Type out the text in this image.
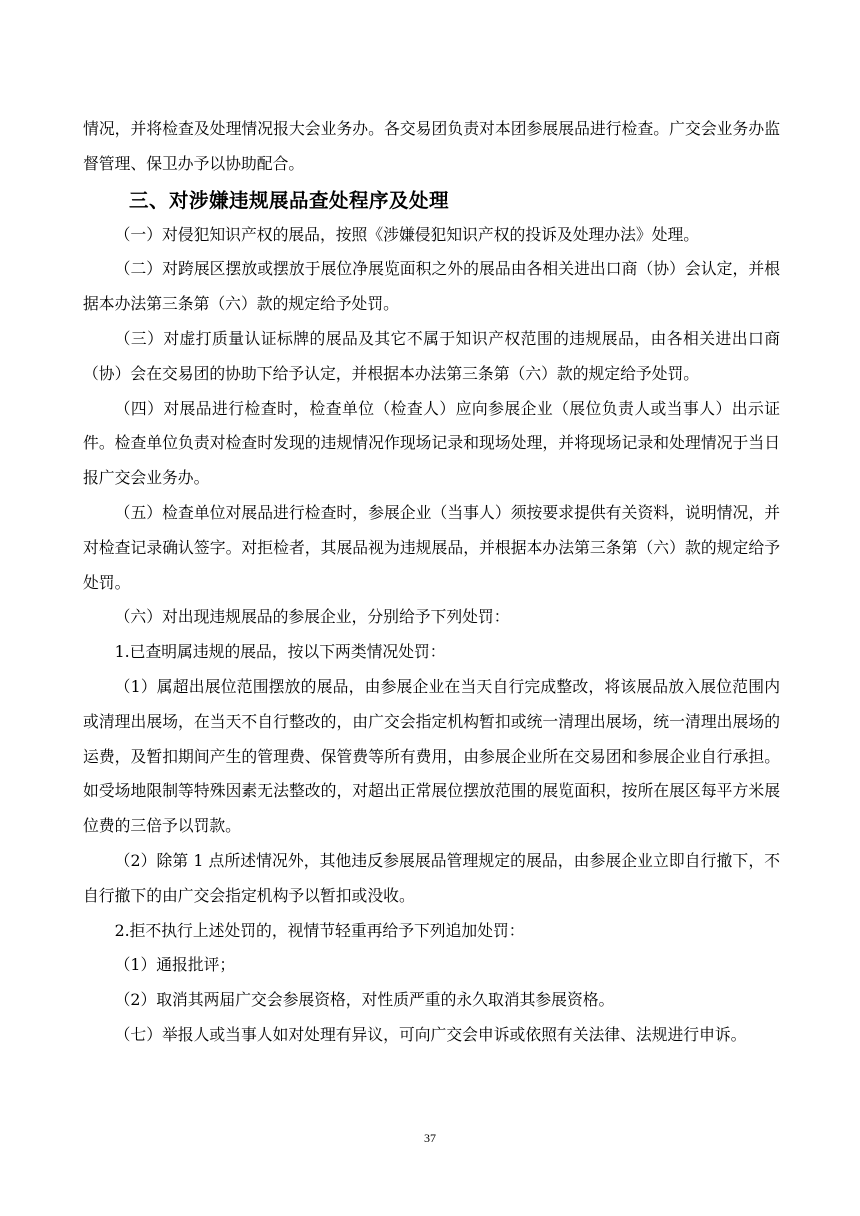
情况，并将检查及处理情况报大会业务办。各交易团负责对本团参展展品进行检查。广交会业务办监督管理、保卫办予以协助配合。

三、对涉嫌违规展品查处程序及处理

（一）对侵犯知识产权的展品，按照《涉嫌侵犯知识产权的投诉及处理办法》处理。

（二）对跨展区摆放或摆放于展位净展览面积之外的展品由各相关进出口商（协）会认定，并根据本办法第三条第（六）款的规定给予处罚。

（三）对虚打质量认证标牌的展品及其它不属于知识产权范围的违规展品，由各相关进出口商（协）会在交易团的协助下给予认定，并根据本办法第三条第（六）款的规定给予处罚。

（四）对展品进行检查时，检查单位（检查人）应向参展企业（展位负责人或当事人）出示证件。检查单位负责对检查时发现的违规情况作现场记录和现场处理，并将现场记录和处理情况于当日报广交会业务办。

（五）检查单位对展品进行检查时，参展企业（当事人）须按要求提供有关资料，说明情况，并对检查记录确认签字。对拒检者，其展品视为违规展品，并根据本办法第三条第（六）款的规定给予处罚。

（六）对出现违规展品的参展企业，分别给予下列处罚：

1.已查明属违规的展品，按以下两类情况处罚：

（1）属超出展位范围摆放的展品，由参展企业在当天自行完成整改，将该展品放入展位范围内或清理出展场，在当天不自行整改的，由广交会指定机构暂扣或统一清理出展场，统一清理出展场的运费，及暂扣期间产生的管理费、保管费等所有费用，由参展企业所在交易团和参展企业自行承担。如受场地限制等特殊因素无法整改的，对超出正常展位摆放范围的展览面积，按所在展区每平方米展位费的三倍予以罚款。

（2）除第 1 点所述情况外，其他违反参展展品管理规定的展品，由参展企业立即自行撤下，不自行撤下的由广交会指定机构予以暂扣或没收。

2.拒不执行上述处罚的，视情节轻重再给予下列追加处罚：

（1）通报批评；

（2）取消其两届广交会参展资格，对性质严重的永久取消其参展资格。

（七）举报人或当事人如对处理有异议，可向广交会申诉或依照有关法律、法规进行申诉。

37
